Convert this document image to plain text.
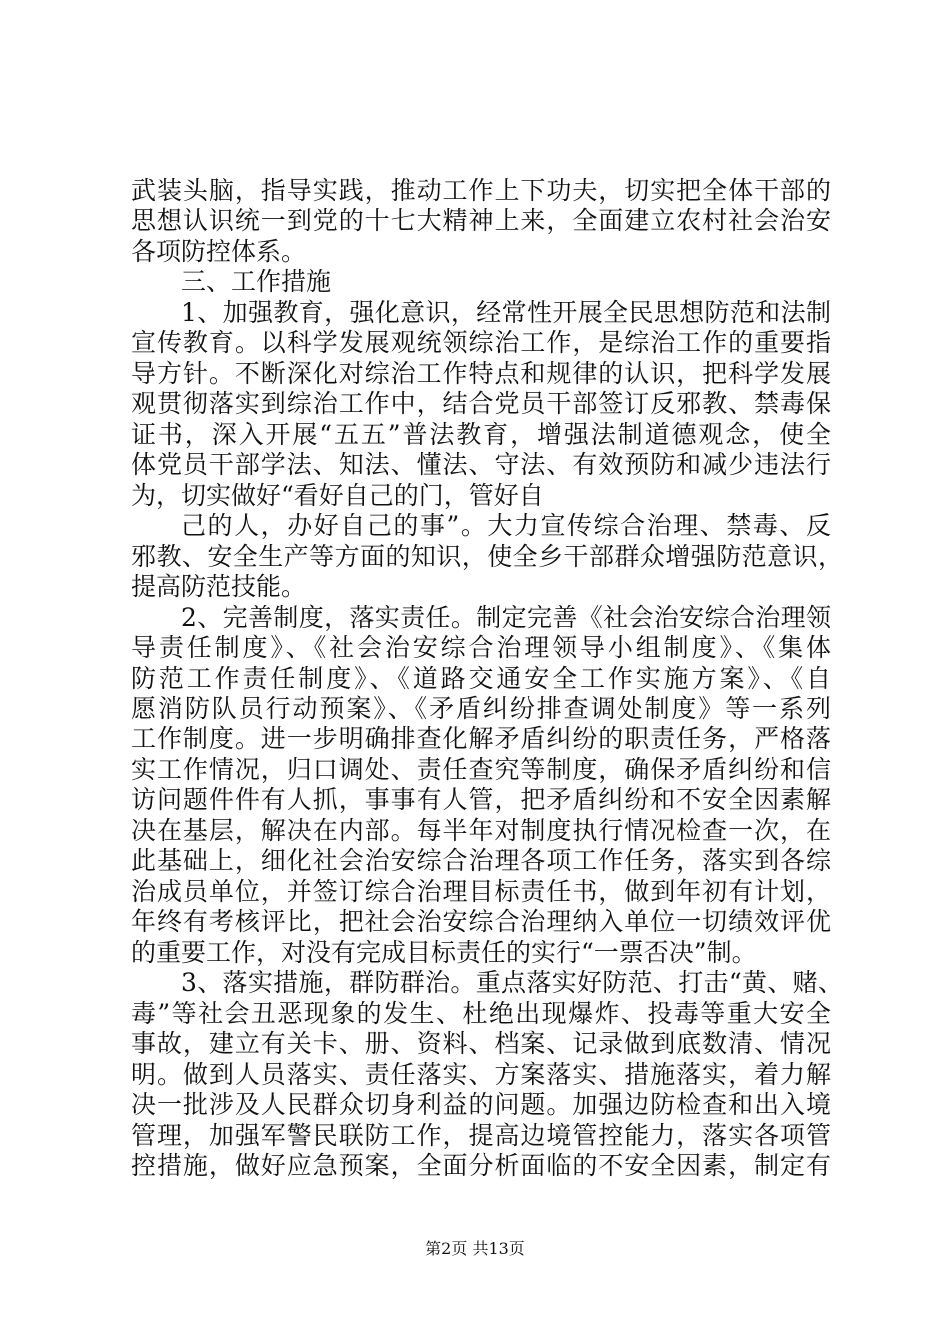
武装头脑，指导实践，推动工作上下功夫，切实把全体干部的
思想认识统一到党的十七大精神上来，全面建立农村社会治安
各项防控体系。
三、工作措施
1、加强教育，强化意识，经常性开展全民思想防范和法制
宣传教育。以科学发展观统领综治工作，是综治工作的重要指
导方针。不断深化对综治工作特点和规律的认识，把科学发展
观贯彻落实到综治工作中，结合党员干部签订反邪教、禁毒保
证书，深入开展“五五”普法教育，增强法制道德观念，使全
体党员干部学法、知法、懂法、守法、有效预防和减少违法行
为，切实做好“看好自己的门，管好自
己的人，办好自己的事”。大力宣传综合治理、禁毒、反
邪教、安全生产等方面的知识，使全乡干部群众增强防范意识，
提高防范技能。
2、完善制度，落实责任。制定完善《社会治安综合治理领
导责任制度》、《社会治安综合治理领导小组制度》、《集体
防范工作责任制度》、《道路交通安全工作实施方案》、《自
愿消防队员行动预案》、《矛盾纠纷排查调处制度》等一系列
工作制度。进一步明确排查化解矛盾纠纷的职责任务，严格落
实工作情况，归口调处、责任查究等制度，确保矛盾纠纷和信
访问题件件有人抓，事事有人管，把矛盾纠纷和不安全因素解
决在基层，解决在内部。每半年对制度执行情况检查一次，在
此基础上，细化社会治安综合治理各项工作任务，落实到各综
治成员单位，并签订综合治理目标责任书，做到年初有计划，
年终有考核评比，把社会治安综合治理纳入单位一切绩效评优
的重要工作，对没有完成目标责任的实行“一票否决”制。
3、落实措施，群防群治。重点落实好防范、打击“黄、赌、
毒”等社会丑恶现象的发生、杜绝出现爆炸、投毒等重大安全
事故，建立有关卡、册、资料、档案、记录做到底数清、情况
明。做到人员落实、责任落实、方案落实、措施落实，着力解
决一批涉及人民群众切身利益的问题。加强边防检查和出入境
管理，加强军警民联防工作，提高边境管控能力，落实各项管
控措施，做好应急预案，全面分析面临的不安全因素，制定有
第2页 共13页
